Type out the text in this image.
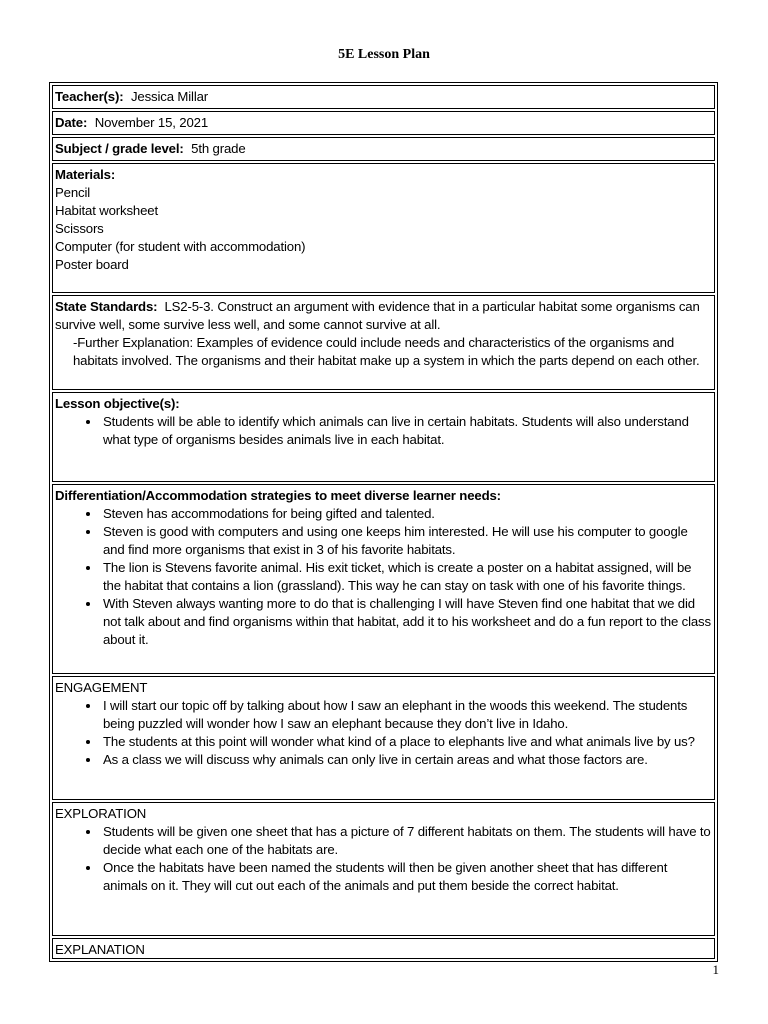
5E Lesson Plan
Teacher(s): Jessica Millar
Date: November 15, 2021
Subject / grade level: 5th grade
Materials:
Pencil
Habitat worksheet
Scissors
Computer (for student with accommodation)
Poster board
State Standards: LS2-5-3. Construct an argument with evidence that in a particular habitat some organisms can survive well, some survive less well, and some cannot survive at all.
-Further Explanation: Examples of evidence could include needs and characteristics of the organisms and habitats involved. The organisms and their habitat make up a system in which the parts depend on each other.
Lesson objective(s):
• Students will be able to identify which animals can live in certain habitats. Students will also understand what type of organisms besides animals live in each habitat.
Differentiation/Accommodation strategies to meet diverse learner needs:
• Steven has accommodations for being gifted and talented.
• Steven is good with computers and using one keeps him interested. He will use his computer to google and find more organisms that exist in 3 of his favorite habitats.
• The lion is Stevens favorite animal. His exit ticket, which is create a poster on a habitat assigned, will be the habitat that contains a lion (grassland). This way he can stay on task with one of his favorite things.
• With Steven always wanting more to do that is challenging I will have Steven find one habitat that we did not talk about and find organisms within that habitat, add it to his worksheet and do a fun report to the class about it.
ENGAGEMENT
• I will start our topic off by talking about how I saw an elephant in the woods this weekend. The students being puzzled will wonder how I saw an elephant because they don’t live in Idaho.
• The students at this point will wonder what kind of a place to elephants live and what animals live by us?
• As a class we will discuss why animals can only live in certain areas and what those factors are.
EXPLORATION
• Students will be given one sheet that has a picture of 7 different habitats on them. The students will have to decide what each one of the habitats are.
• Once the habitats have been named the students will then be given another sheet that has different animals on it. They will cut out each of the animals and put them beside the correct habitat.
EXPLANATION
1
